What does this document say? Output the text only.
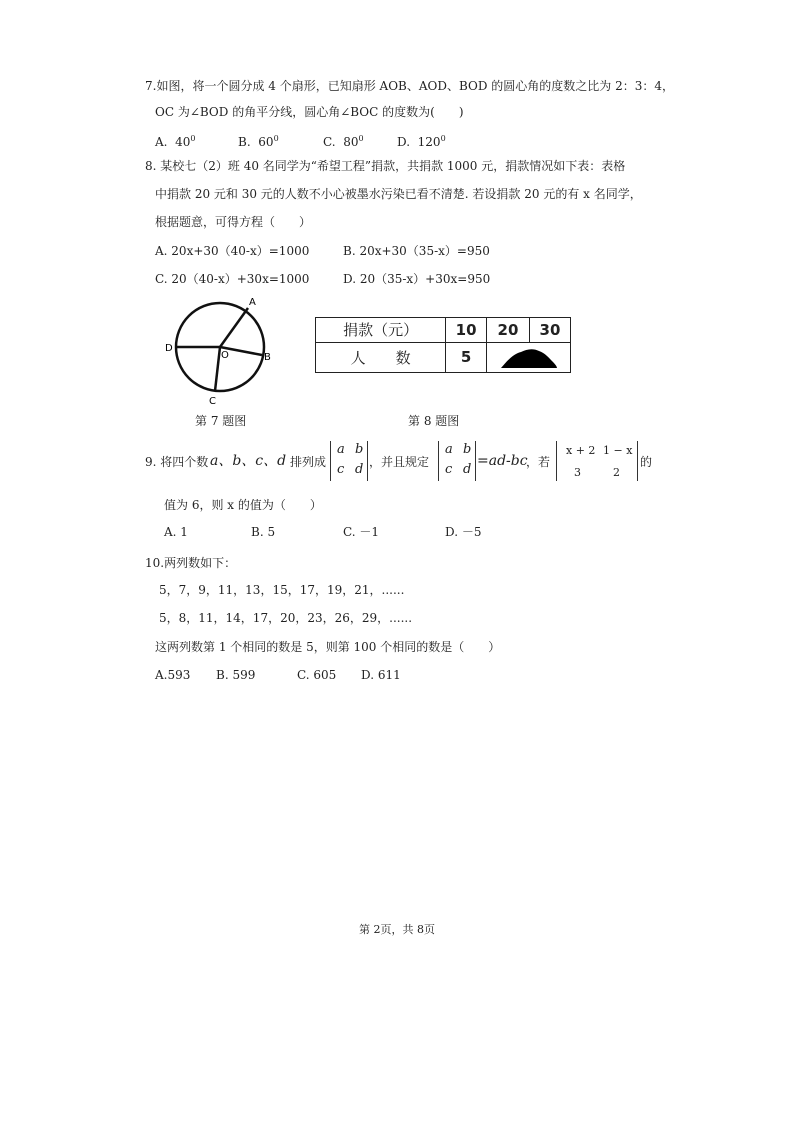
7.如图，将一个圆分成 4 个扇形，已知扇形 AOB、AOD、BOD 的圆心角的度数之比为 2：3：4，
OC 为∠BOD 的角平分线，圆心角∠BOC 的度数为(　　)
A. $40^0$	B. $60^0$	C. $80^0$	D. $120^0$
8. 某校七（2）班 40 名同学为“希望工程”捐款，共捐款 1000 元，捐款情况如下表：表格
中捐款 20 元和 30 元的人数不小心被墨水污染已看不清楚. 若设捐款 20 元的有 x 名同学，
根据题意，可得方程（　　）
A. 20x+30（40-x）=1000	B. 20x+30（35-x）=950
C. 20（40-x）+30x=1000	D. 20（35-x）+30x=950
A
D
O	B
C
捐款（元）	10	20	30
人　　数	5	
第 7 题图	第 8 题图
9. 将四个数 a、b、c、d 排列成
a b
c d ，并且规定
a b
c d
=ad-bc
，若
x + 2 1 − x
3	2
的
值为 6，则 x 的值为（　　）
A. 1	B. 5	C. －1	D. －5
10.两列数如下：
5，7，9，11，13，15，17，19，21，......
5，8，11，14，17，20，23，26，29，......
这两列数第 1 个相同的数是 5，则第 100 个相同的数是（　　）
A.593 B. 599	C. 605 D. 611
第 2页，共 8页
